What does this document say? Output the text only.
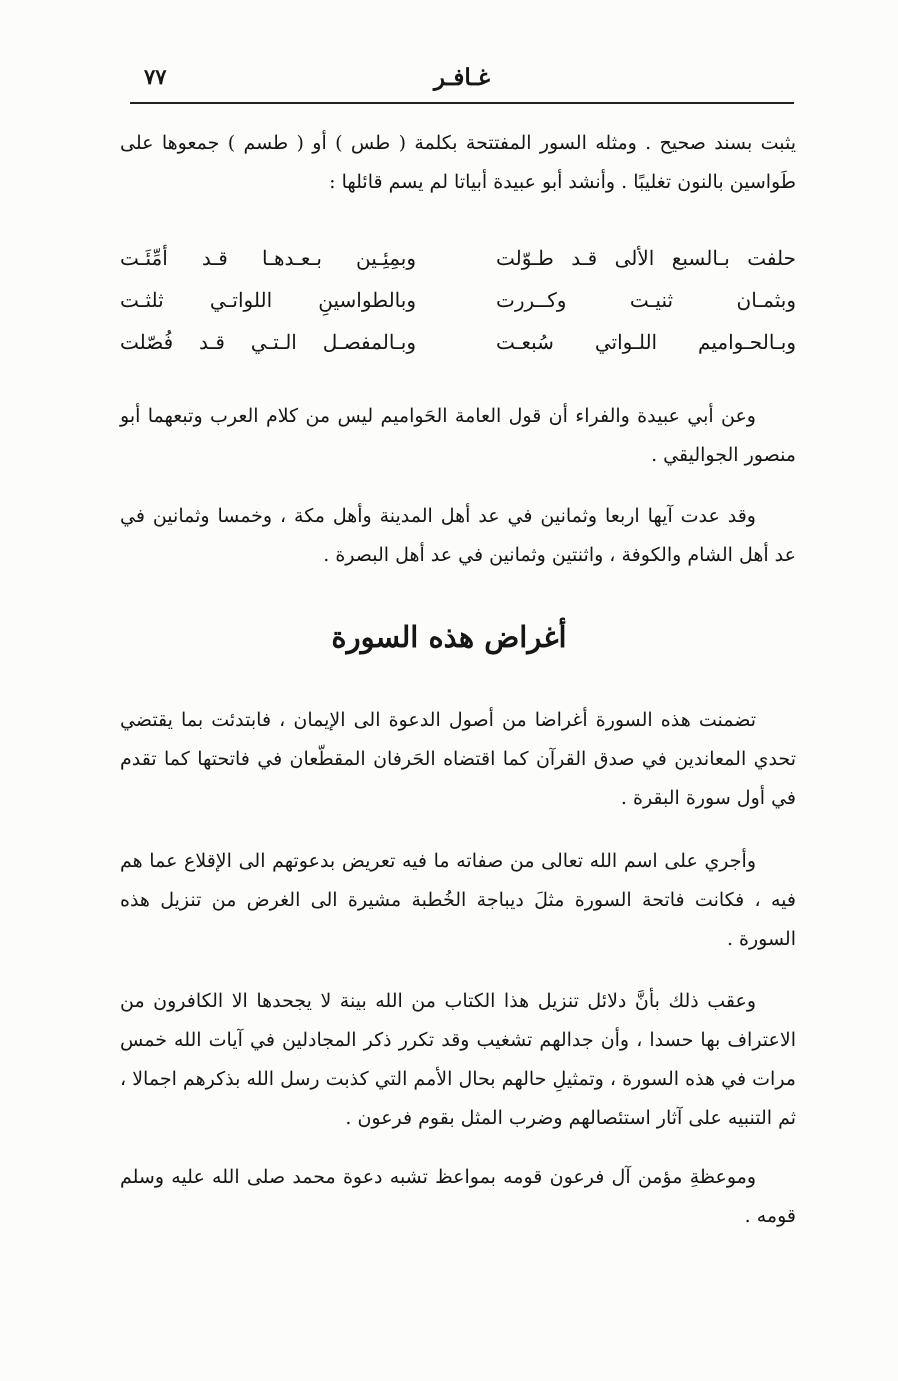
غـافـر
٧٧

يثبت بسند صحيح . ومثله السور المفتتحة بكلمة ( طس ) أو ( طسم ) جمعوها على طَواسين بالنون تغليبًا . وأنشد أبو عبيدة أبياتا لم يسم قائلها :

حلفت بـالسبع الألى قـد طـوّلت
وبمِئِـين بـعـدهـا قـد أمِّئَـت
وبثمـان ثنيـت وكــررت
وبالطواسينِ اللواتـي ثلثـت
وبـالحـواميم اللـواتي سُبعـت
وبـالمفصـل الـتـي قـد فُصّلت

وعن أبي عبيدة والفراء أن قول العامة الحَواميم ليس من كلام العرب وتبعهما أبو منصور الجواليقي .

وقد عدت آيها اربعا وثمانين في عد أهل المدينة وأهل مكة ، وخمسا وثمانين في عد أهل الشام والكوفة ، واثنتين وثمانين في عد أهل البصرة .

أغراض هذه السورة

تضمنت هذه السورة أغراضا من أصول الدعوة الى الإيمان ، فابتدئت بما يقتضي تحدي المعاندين في صدق القرآن كما اقتضاه الحَرفان المقطّعان في فاتحتها كما تقدم في أول سورة البقرة .

وأجري على اسم الله تعالى من صفاته ما فيه تعريض بدعوتهم الى الإقلاع عما هم فيه ، فكانت فاتحة السورة مثلَ ديباجة الخُطبة مشيرة الى الغرض من تنزيل هذه السورة .

وعقب ذلك بأنَّ دلائل تنزيل هذا الكتاب من الله بينة لا يجحدها الا الكافرون من الاعتراف بها حسدا ، وأن جدالهم تشغيب وقد تكرر ذكر المجادلين في آيات الله خمس مرات في هذه السورة ، وتمثيلِ حالهم بحال الأمم التي كذبت رسل الله بذكرهم اجمالا ، ثم التنبيه على آثار استئصالهم وضرب المثل بقوم فرعون .

وموعظةِ مؤمن آل فرعون قومه بمواعظ تشبه دعوة محمد صلى الله عليه وسلم قومه .
